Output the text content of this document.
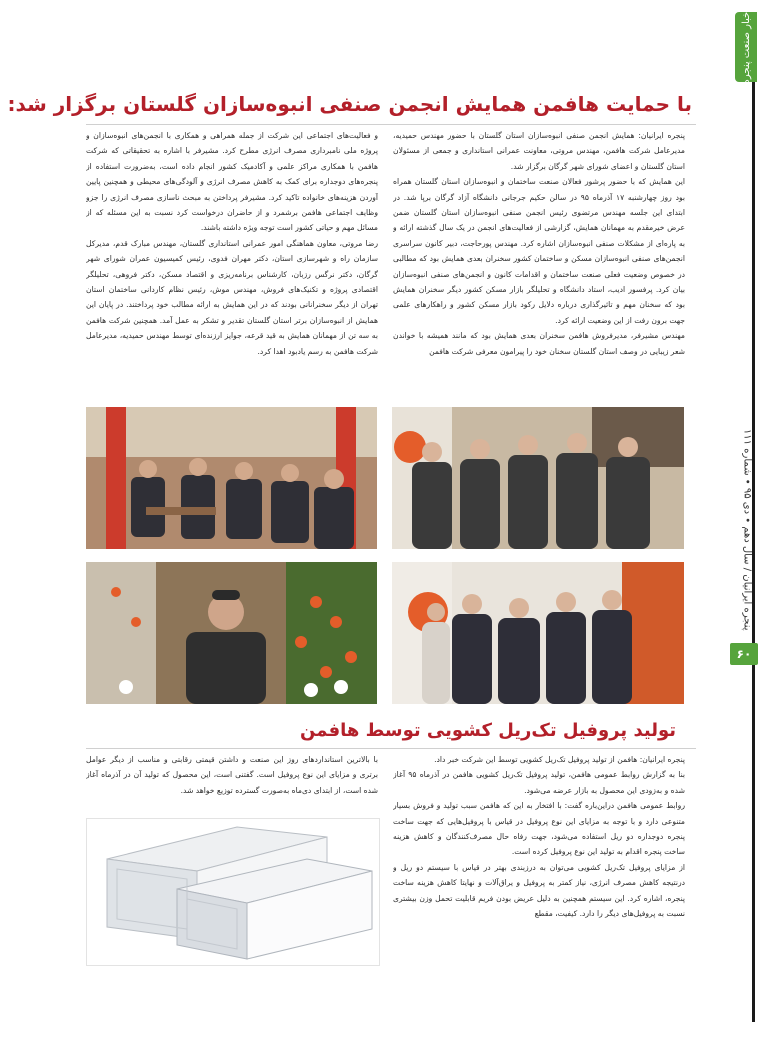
اخبار صنعت پنجره
پنجره ایرانیان / سال دهم • دی ۹۵ • شماره ۱۱۱
۶۰
با حمایت هافمن همایش انجمن صنفی انبوه‌سازان گلستان برگزار شد:

پنجره ایرانیان: همایش انجمن صنفی انبوه‌سازان استان گلستان با حضور مهندس حمیدیه، مدیرعامل شرکت هافمن، مهندس مروتی، معاونت عمرانی استانداری و جمعی از مسئولان استان گلستان و اعضای شورای شهر گرگان برگزار شد.

این همایش که با حضور پرشور فعالان صنعت ساختمان و انبوه‌سازان استان گلستان همراه بود روز چهارشنبه ۱۷ آذرماه ۹۵ در سالن حکیم جرجانی دانشگاه آزاد گرگان برپا شد. در ابتدای این جلسه مهندس مرتضوی رئیس انجمن صنفی انبوه‌سازان استان گلستان ضمن عرض خیرمقدم به مهمانان همایش، گزارشی از فعالیت‌های انجمن در یک سال گذشته ارائه و به پاره‌ای از مشکلات صنفی انبوه‌سازان اشاره کرد. مهندس پورحاجت، دبیر کانون سراسری انجمن‌های صنفی انبوه‌سازان مسکن و ساختمان کشور سخنران بعدی همایش بود که مطالبی در خصوص وضعیت فعلی صنعت ساختمان و اقدامات کانون و انجمن‌های صنفی انبوه‌سازان بیان کرد. پرفسور ادیب، استاد دانشگاه و تحلیلگر بازار مسکن کشور دیگر سخنران همایش بود که سخنان مهم و تاثیرگذاری درباره دلایل رکود بازار مسکن کشور و راهکارهای علمی جهت برون رفت از این وضعیت ارائه کرد.

مهندس مشیرفر، مدیرفروش هافمن سخنران بعدی همایش بود که مانند همیشه با خواندن شعر زیبایی در وصف استان گلستان سخنان خود را پیرامون معرفی شرکت هافمن

و فعالیت‌های اجتماعی این شرکت از جمله همراهی و همکاری با انجمن‌های انبوه‌سازان و پروژه ملی نامبرداری مصرف انرژی مطرح کرد. مشیرفر با اشاره به تحقیقاتی که شرکت هافمن با همکاری مراکز علمی و آکادمیک کشور انجام داده است، به‌ضرورت استفاده از پنجره‌های دوجداره برای کمک به کاهش مصرف انرژی و آلودگی‌های محیطی و همچنین پایین آوردن هزینه‌های خانواده تاکید کرد. مشیرفر پرداختن به مبحث ناسازی مصرف انرژی را جزو وظایف اجتماعی هافمن برشمرد و از حاضران درخواست کرد نسبت به این مسئله که از مسائل مهم و حیاتی کشور است توجه ویژه داشته باشند.

رضا مروتی، معاون هماهنگی امور عمرانی استانداری گلستان، مهندس مبارک قدم، مدیرکل سازمان راه و شهرسازی استان، دکتر مهران فدوی، رئیس کمیسیون عمران شورای شهر گرگان، دکتر نرگس رزبان، کارشناس برنامه‌ریزی و اقتصاد مسکن، دکتر فروهی، تحلیلگر اقتصادی پروژه و تکنیک‌های فروش، مهندس موش، رئیس نظام کاردانی ساختمان استان تهران از دیگر سخنرانانی بودند که در این همایش به ارائه مطالب خود پرداختند. در پایان این همایش از انبوه‌سازان برتر استان گلستان تقدیر و تشکر به عمل آمد. همچنین شرکت هافمن به سه تن از مهمانان همایش به قید قرعه، جوایز ارزنده‌ای توسط مهندس حمیدیه، مدیرعامل شرکت هافمن به رسم یادبود اهدا کرد.

تولید پروفیل تک‌ریل کشویی توسط هافمن

پنجره ایرانیان: هافمن از تولید پروفیل تک‌ریل کشویی توسط این شرکت خبر داد.

بنا به گزارش روابط عمومی هافمن، تولید پروفیل تک‌ریل کشویی هافمن در آذرماه ۹۵ آغاز شده و به‌زودی این محصول به بازار عرضه می‌شود.

روابط عمومی هافمن دراین‌باره گفت: با افتخار به این که هافمن سبب تولید و فروش بسیار متنوعی دارد و با توجه به مزایای این نوع پروفیل در قیاس با پروفیل‌هایی که جهت ساخت پنجره دوجداره دو ریل استفاده می‌شود، جهت رفاه حال مصرف‌کنندگان و کاهش هزینه ساخت پنجره اقدام به تولید این نوع پروفیل کرده است.

از مزایای پروفیل تک‌ریل کشویی می‌توان به درزبندی بهتر در قیاس با سیستم دو ریل و درنتیجه کاهش مصرف انرژی، نیاز کمتر به پروفیل و یراق‌آلات و نهایتا کاهش هزینه ساخت پنجره، اشاره کرد. این سیستم همچنین به دلیل عریض بودن فریم قابلیت تحمل وزن بیشتری نسبت به پروفیل‌های دیگر را دارد. کیفیت، مقطع

با بالاترین استانداردهای روز این صنعت و داشتن قیمتی رقابتی و مناسب از دیگر عوامل برتری و مزایای این نوع پروفیل است. گفتنی است، این محصول که تولید آن در آذرماه آغاز شده است، از ابتدای دی‌ماه به‌صورت گسترده توزیع خواهد شد.
